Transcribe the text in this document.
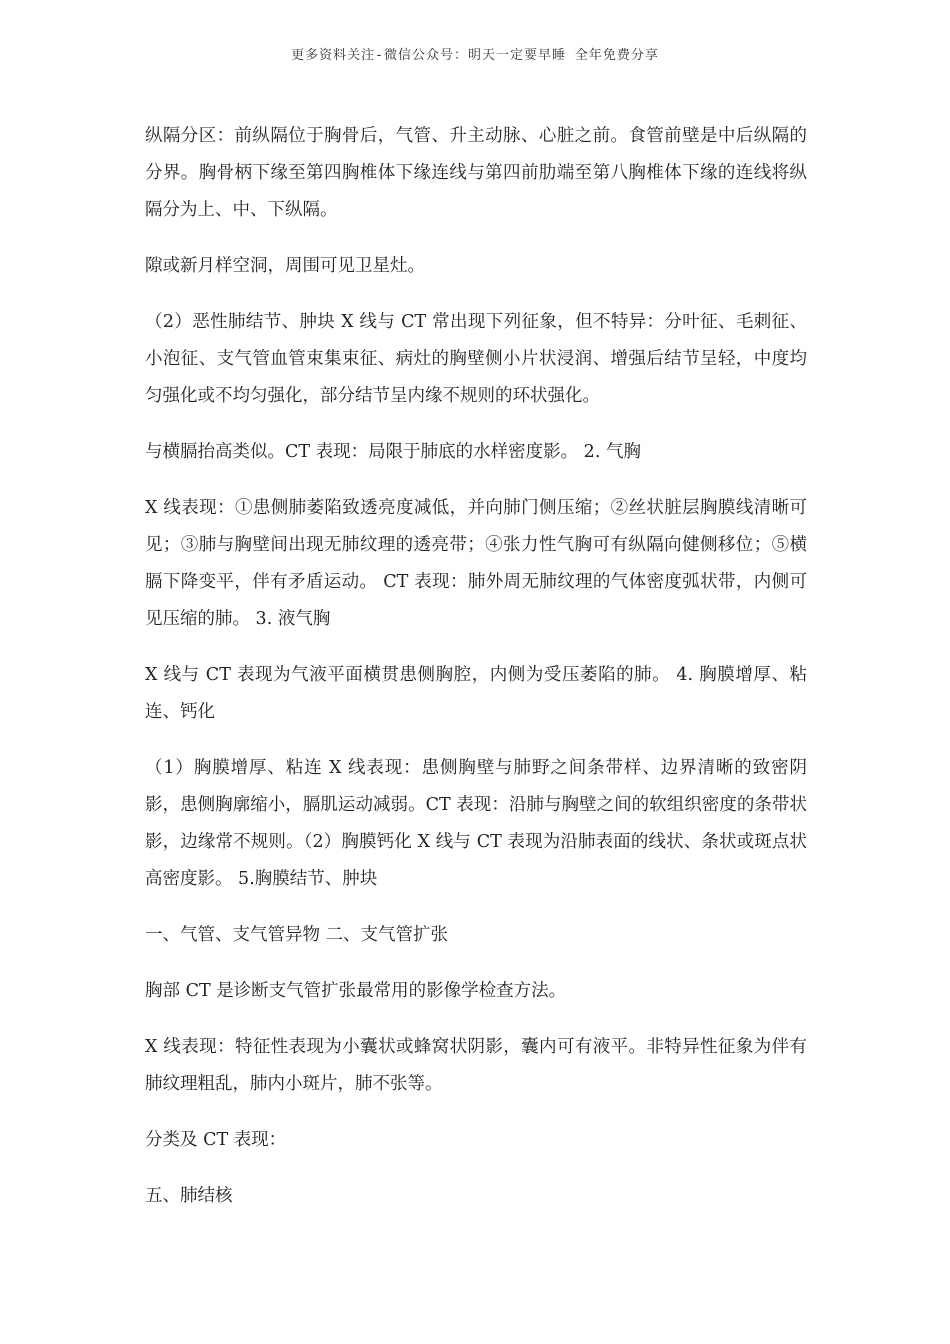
更多资料关注-微信公众号：明天一定要早睡 全年免费分享

纵隔分区：前纵隔位于胸骨后，气管、升主动脉、心脏之前。食管前壁是中后纵隔的分界。胸骨柄下缘至第四胸椎体下缘连线与第四前肋端至第八胸椎体下缘的连线将纵隔分为上、中、下纵隔。

隙或新月样空洞，周围可见卫星灶。

（2）恶性肺结节、肿块 X 线与 CT 常出现下列征象，但不特异：分叶征、毛刺征、小泡征、支气管血管束集束征、病灶的胸壁侧小片状浸润、增强后结节呈轻，中度均匀强化或不均匀强化，部分结节呈内缘不规则的环状强化。

与横膈抬高类似。CT 表现：局限于肺底的水样密度影。 2. 气胸

X 线表现：①患侧肺萎陷致透亮度减低，并向肺门侧压缩；②丝状脏层胸膜线清晰可见；③肺与胸壁间出现无肺纹理的透亮带；④张力性气胸可有纵隔向健侧移位；⑤横膈下降变平，伴有矛盾运动。 CT 表现：肺外周无肺纹理的气体密度弧状带，内侧可见压缩的肺。 3. 液气胸

X 线与 CT 表现为气液平面横贯患侧胸腔，内侧为受压萎陷的肺。 4. 胸膜增厚、粘连、钙化

（1）胸膜增厚、粘连 X 线表现：患侧胸壁与肺野之间条带样、边界清晰的致密阴影，患侧胸廓缩小，膈肌运动减弱。CT 表现：沿肺与胸壁之间的软组织密度的条带状影，边缘常不规则。（2）胸膜钙化 X 线与 CT 表现为沿肺表面的线状、条状或斑点状高密度影。 5.胸膜结节、肿块

一、气管、支气管异物 二、支气管扩张

胸部 CT 是诊断支气管扩张最常用的影像学检查方法。

X 线表现：特征性表现为小囊状或蜂窝状阴影，囊内可有液平。非特异性征象为伴有肺纹理粗乱，肺内小斑片，肺不张等。

分类及 CT 表现：

五、肺结核
